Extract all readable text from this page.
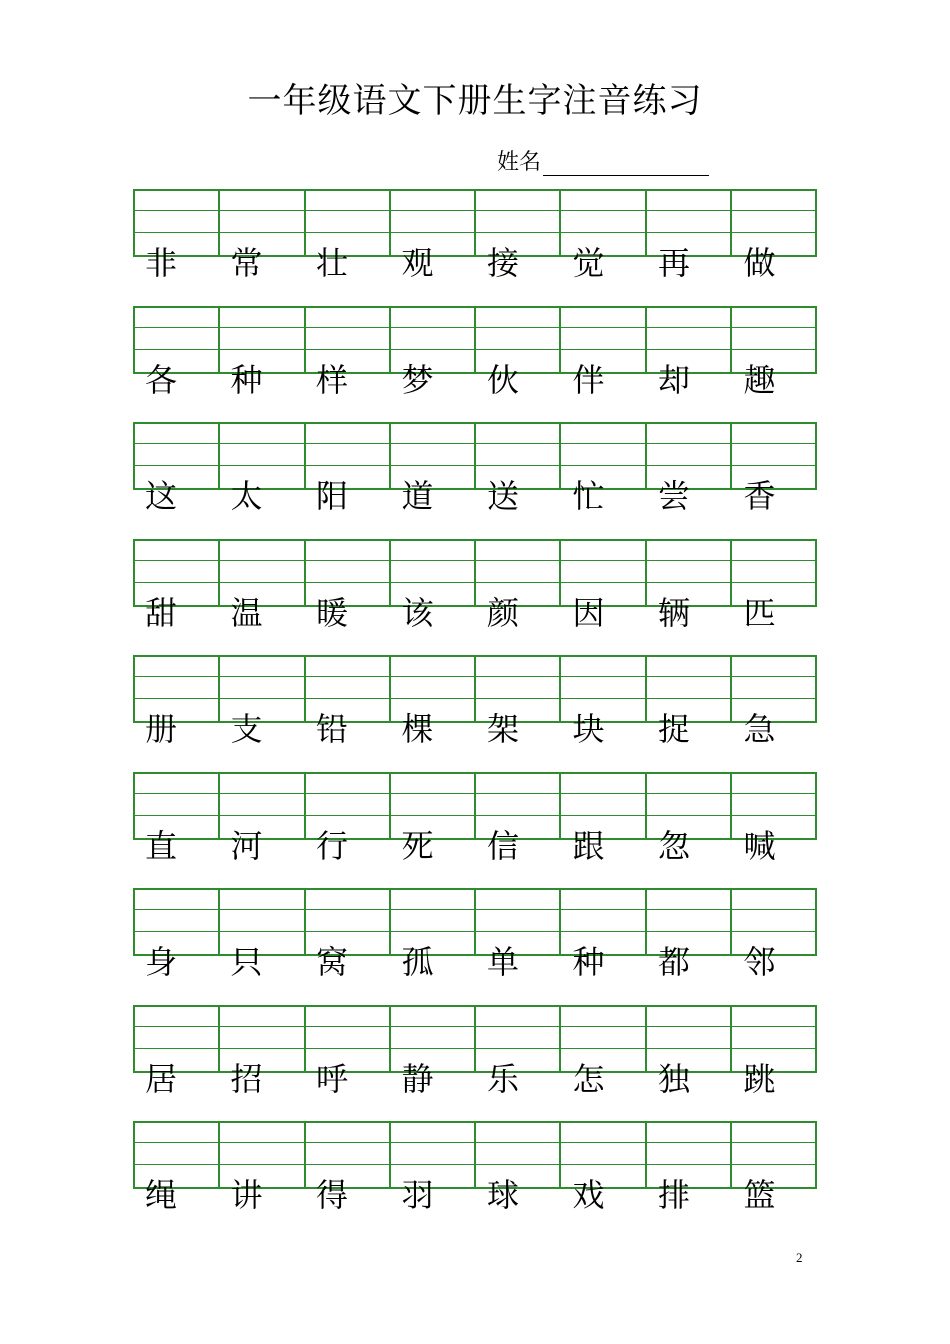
一年级语文下册生字注音练习
姓名
非	常	壮	观	接	觉	再	做
各	种	样	梦	伙	伴	却	趣
这	太	阳	道	送	忙	尝	香
甜	温	暖	该	颜	因	辆	匹
册	支	铅	棵	架	块	捉	急
直	河	行	死	信	跟	忽	喊
身	只	窝	孤	单	种	都	邻
居	招	呼	静	乐	怎	独	跳
绳	讲	得	羽	球	戏	排	篮
2
